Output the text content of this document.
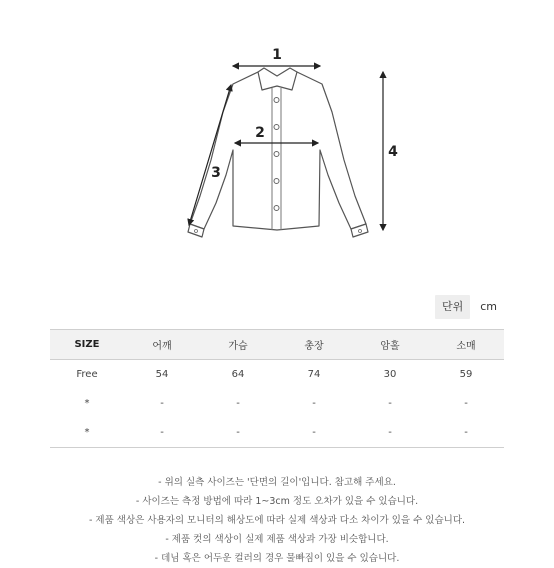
1
2
3
4
단위	cm
SIZE	어깨	가슴	총장	암홀	소매
Free	54	64	74	30	59
*	-	-	-	-	-
*	-	-	-	-	-

- 위의 실측 사이즈는 '단면의 길이'입니다. 참고해 주세요.

- 사이즈는 측정 방법에 따라 1~3cm 정도 오차가 있을 수 있습니다.

- 제품 색상은 사용자의 모니터의 해상도에 따라 실제 색상과 다소 차이가 있을 수 있습니다.

- 제품 컷의 색상이 실제 제품 색상과 가장 비슷합니다.

- 데님 혹은 어두운 컬러의 경우 물빠짐이 있을 수 있습니다.
